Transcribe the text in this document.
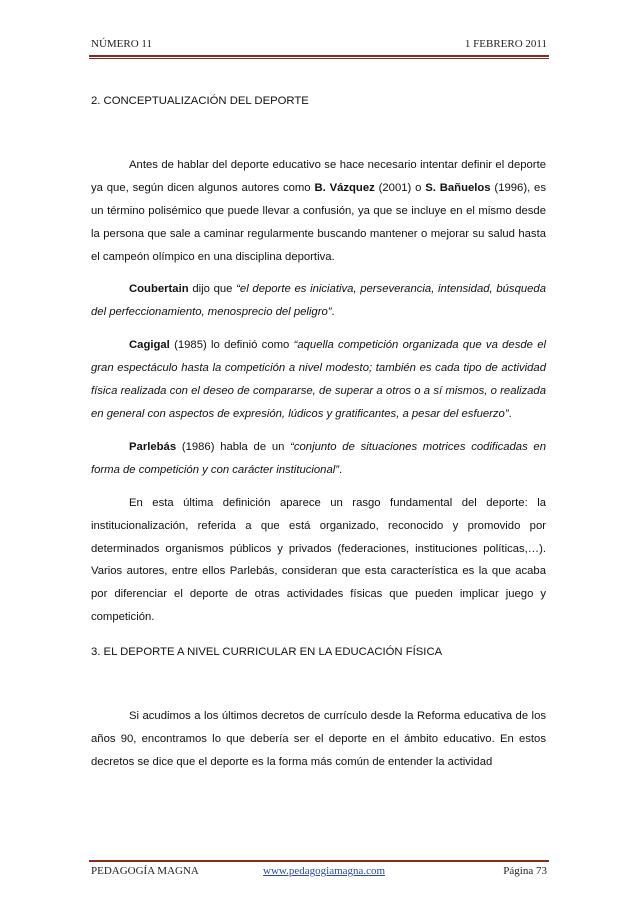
NÚMERO 11	1 FEBRERO 2011
2. CONCEPTUALIZACIÓN DEL DEPORTE

Antes de hablar del deporte educativo se hace necesario intentar definir el deporte ya que, según dicen algunos autores como B. Vázquez (2001) o S. Bañuelos (1996), es un término polisémico que puede llevar a confusión, ya que se incluye en el mismo desde la persona que sale a caminar regularmente buscando mantener o mejorar su salud hasta el campeón olímpico en una disciplina deportiva.

Coubertain dijo que “el deporte es iniciativa, perseverancia, intensidad, búsqueda del perfeccionamiento, menosprecio del peligro”.

Cagigal (1985) lo definió como “aquella competición organizada que va desde el gran espectáculo hasta la competición a nivel modesto; también es cada tipo de actividad física realizada con el deseo de compararse, de superar a otros o a sí mismos, o realizada en general con aspectos de expresión, lúdicos y gratificantes, a pesar del esfuerzo”.

Parlebás (1986) habla de un “conjunto de situaciones motrices codificadas en forma de competición y con carácter institucional”.

En esta última definición aparece un rasgo fundamental del deporte: la institucionalización, referida a que está organizado, reconocido y promovido por determinados organismos públicos y privados (federaciones, instituciones políticas,…). Varios autores, entre ellos Parlebás, consideran que esta característica es la que acaba por diferenciar el deporte de otras actividades físicas que pueden implicar juego y competición.

3. EL DEPORTE A NIVEL CURRICULAR EN LA EDUCACIÓN FÍSICA

Si acudimos a los últimos decretos de currículo desde la Reforma educativa de los años 90, encontramos lo que debería ser el deporte en el ámbito educativo. En estos decretos se dice que el deporte es la forma más común de entender la actividad

PEDAGOGÍA MAGNA	www.pedagogiamagna.com	Página 73
